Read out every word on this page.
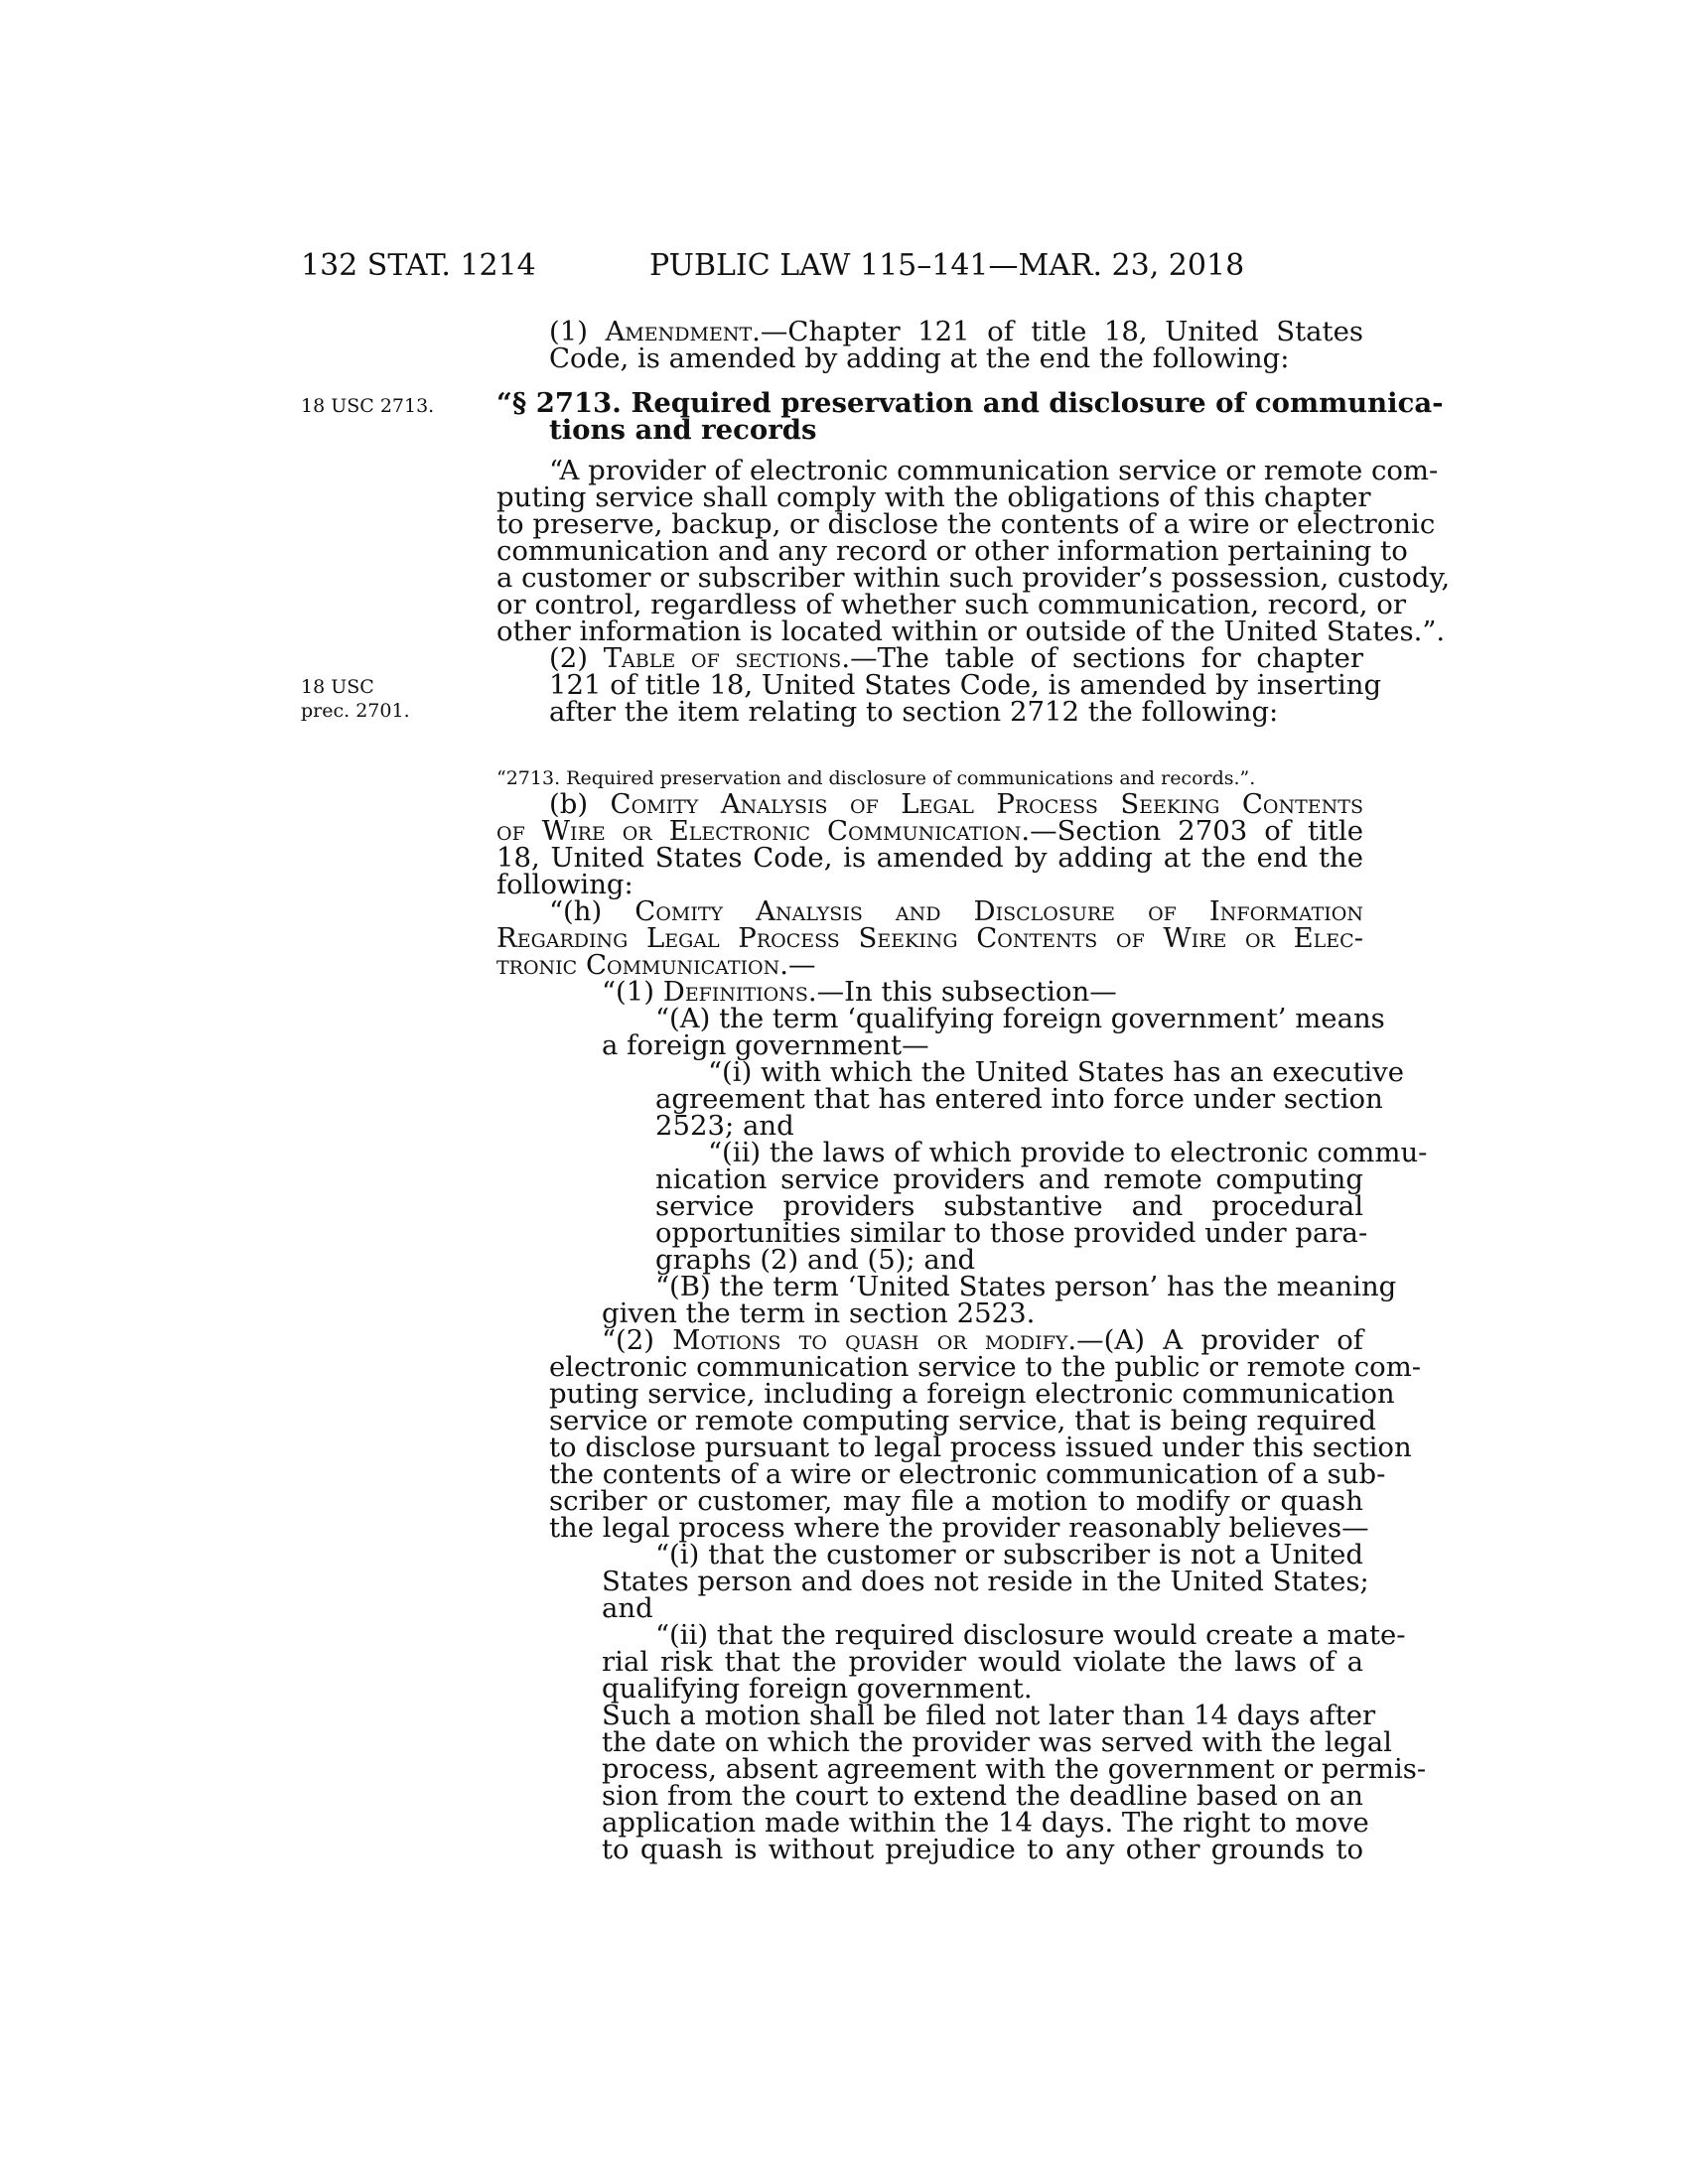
132 STAT. 1214	PUBLIC LAW 115–141—MAR. 23, 2018
18 USC 2713.
18 USC
prec. 2701.
(1) Amendment.—Chapter 121 of title 18, United States
Code, is amended by adding at the end the following:
“§ 2713. Required preservation and disclosure of communica-
tions and records
“A provider of electronic communication service or remote com-
puting service shall comply with the obligations of this chapter
to preserve, backup, or disclose the contents of a wire or electronic
communication and any record or other information pertaining to
a customer or subscriber within such provider’s possession, custody,
or control, regardless of whether such communication, record, or
other information is located within or outside of the United States.”.
(2) Table of sections.—The table of sections for chapter
121 of title 18, United States Code, is amended by inserting
after the item relating to section 2712 the following:
“2713. Required preservation and disclosure of communications and records.”.
(b) Comity Analysis of Legal Process Seeking Contents
of Wire or Electronic Communication.—Section 2703 of title
18, United States Code, is amended by adding at the end the
following:
“(h) Comity Analysis and Disclosure of Information
Regarding Legal Process Seeking Contents of Wire or Elec-
tronic Communication.—
“(1) Definitions.—In this subsection—
“(A) the term ‘qualifying foreign government’ means
a foreign government—
“(i) with which the United States has an executive
agreement that has entered into force under section
2523; and
“(ii) the laws of which provide to electronic commu-
nication service providers and remote computing
service providers substantive and procedural
opportunities similar to those provided under para-
graphs (2) and (5); and
“(B) the term ‘United States person’ has the meaning
given the term in section 2523.
“(2) Motions to quash or modify.—(A) A provider of
electronic communication service to the public or remote com-
puting service, including a foreign electronic communication
service or remote computing service, that is being required
to disclose pursuant to legal process issued under this section
the contents of a wire or electronic communication of a sub-
scriber or customer, may file a motion to modify or quash
the legal process where the provider reasonably believes—
“(i) that the customer or subscriber is not a United
States person and does not reside in the United States;
and
“(ii) that the required disclosure would create a mate-
rial risk that the provider would violate the laws of a
qualifying foreign government.
Such a motion shall be filed not later than 14 days after
the date on which the provider was served with the legal
process, absent agreement with the government or permis-
sion from the court to extend the deadline based on an
application made within the 14 days. The right to move
to quash is without prejudice to any other grounds to
